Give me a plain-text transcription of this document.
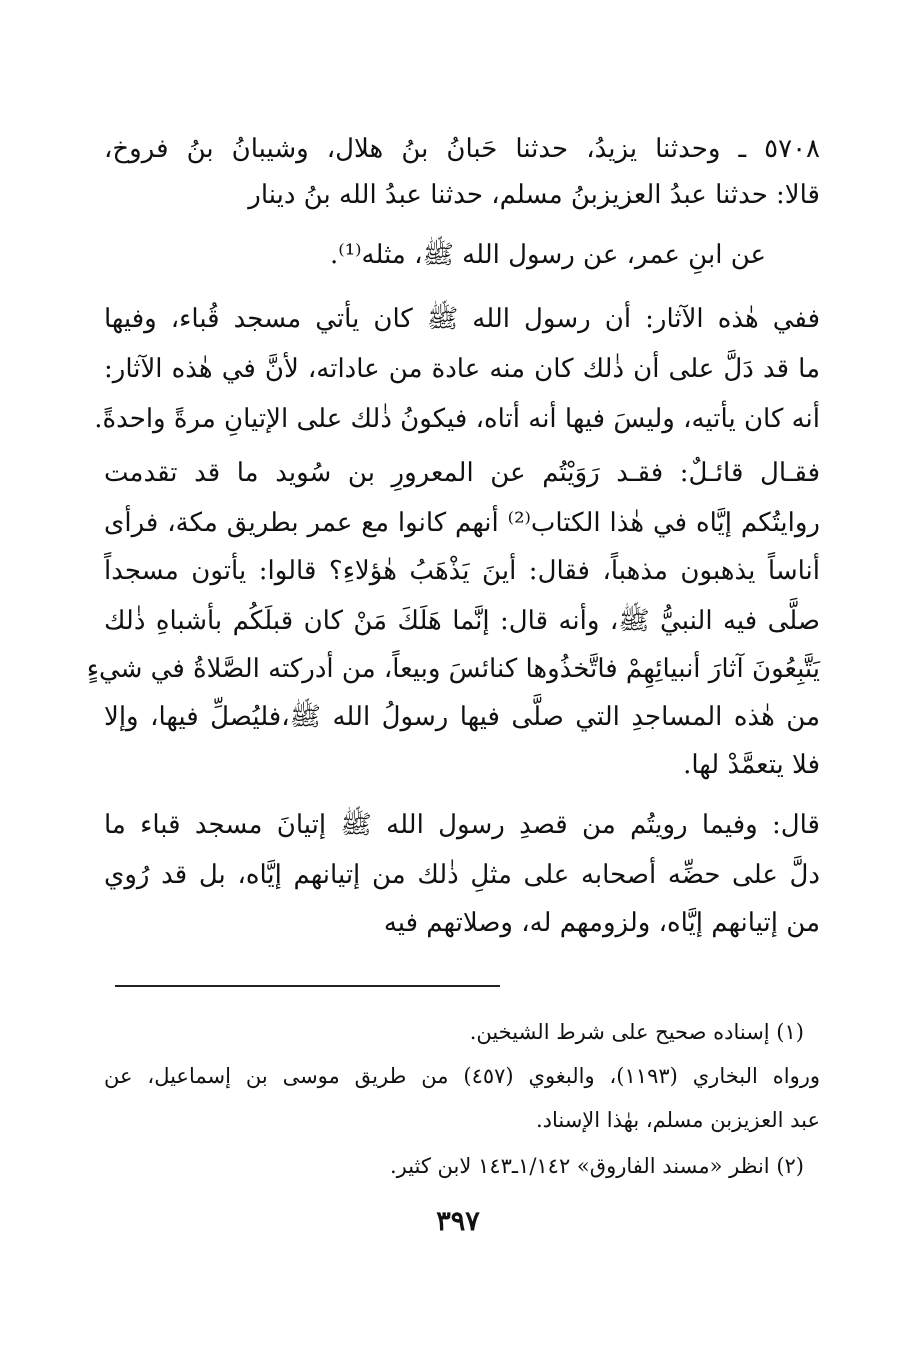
٥٧٠٨ ـ وحدثنا يزيدُ، حدثنا حَبانُ بنُ هلال، وشيبانُ بنُ فروخ،
قالا: حدثنا عبدُ العزيزبنُ مسلم، حدثنا عبدُ الله بنُ دينار
عن ابنِ عمر، عن رسول الله ﷺ، مثله⁽¹⁾.
ففي هٰذه الآثار: أن رسول الله ﷺ كان يأتي مسجد قُباء، وفيها
ما قد دَلَّ على أن ذٰلك كان منه عادة من عاداته، لأنَّ في هٰذه الآثار:
أنه كان يأتيه، وليسَ فيها أنه أتاه، فيكونُ ذٰلك على الإتيانِ مرةً واحدةً.
فقـال قائـلٌ: فقـد رَوَيْتُم عن المعرورِ بن سُويد ما قد تقدمت
روايتُكم إيَّاه في هٰذا الكتاب⁽²⁾ أنهم كانوا مع عمر بطريق مكة، فرأى
أناساً يذهبون مذهباً، فقال: أينَ يَذْهَبُ هٰؤلاءِ؟ قالوا: يأتون مسجداً
صلَّى فيه النبيُّ ﷺ، وأنه قال: إنَّما هَلَكَ مَنْ كان قبلَكُم بأشباهِ ذٰلك
يَتَّبِعُونَ آثارَ أنبيائِهِمْ فاتَّخذُوها كنائسَ وبيعاً، من أدركته الصَّلاةُ في شيءٍ
من هٰذه المساجدِ التي صلَّى فيها رسولُ الله ﷺ،فليُصلِّ فيها، وإلا
فلا يتعمَّدْ لها.
قال: وفيما رويتُم من قصدِ رسول الله ﷺ إتيانَ مسجد قباء ما
دلَّ على حضِّه أصحابه على مثلِ ذٰلك من إتيانهم إيَّاه، بل قد رُوي
من إتيانهم إيَّاه، ولزومهم له، وصلاتهم فيه
(١) إسناده صحيح على شرط الشيخين.
ورواه البخاري (١١٩٣)، والبغوي (٤٥٧) من طريق موسى بن إسماعيل، عن
عبد العزيزبن مسلم، بهٰذا الإسناد.
(٢) انظر «مسند الفاروق» ١/١٤٢ـ١٤٣ لابن كثير.
٣٩٧
